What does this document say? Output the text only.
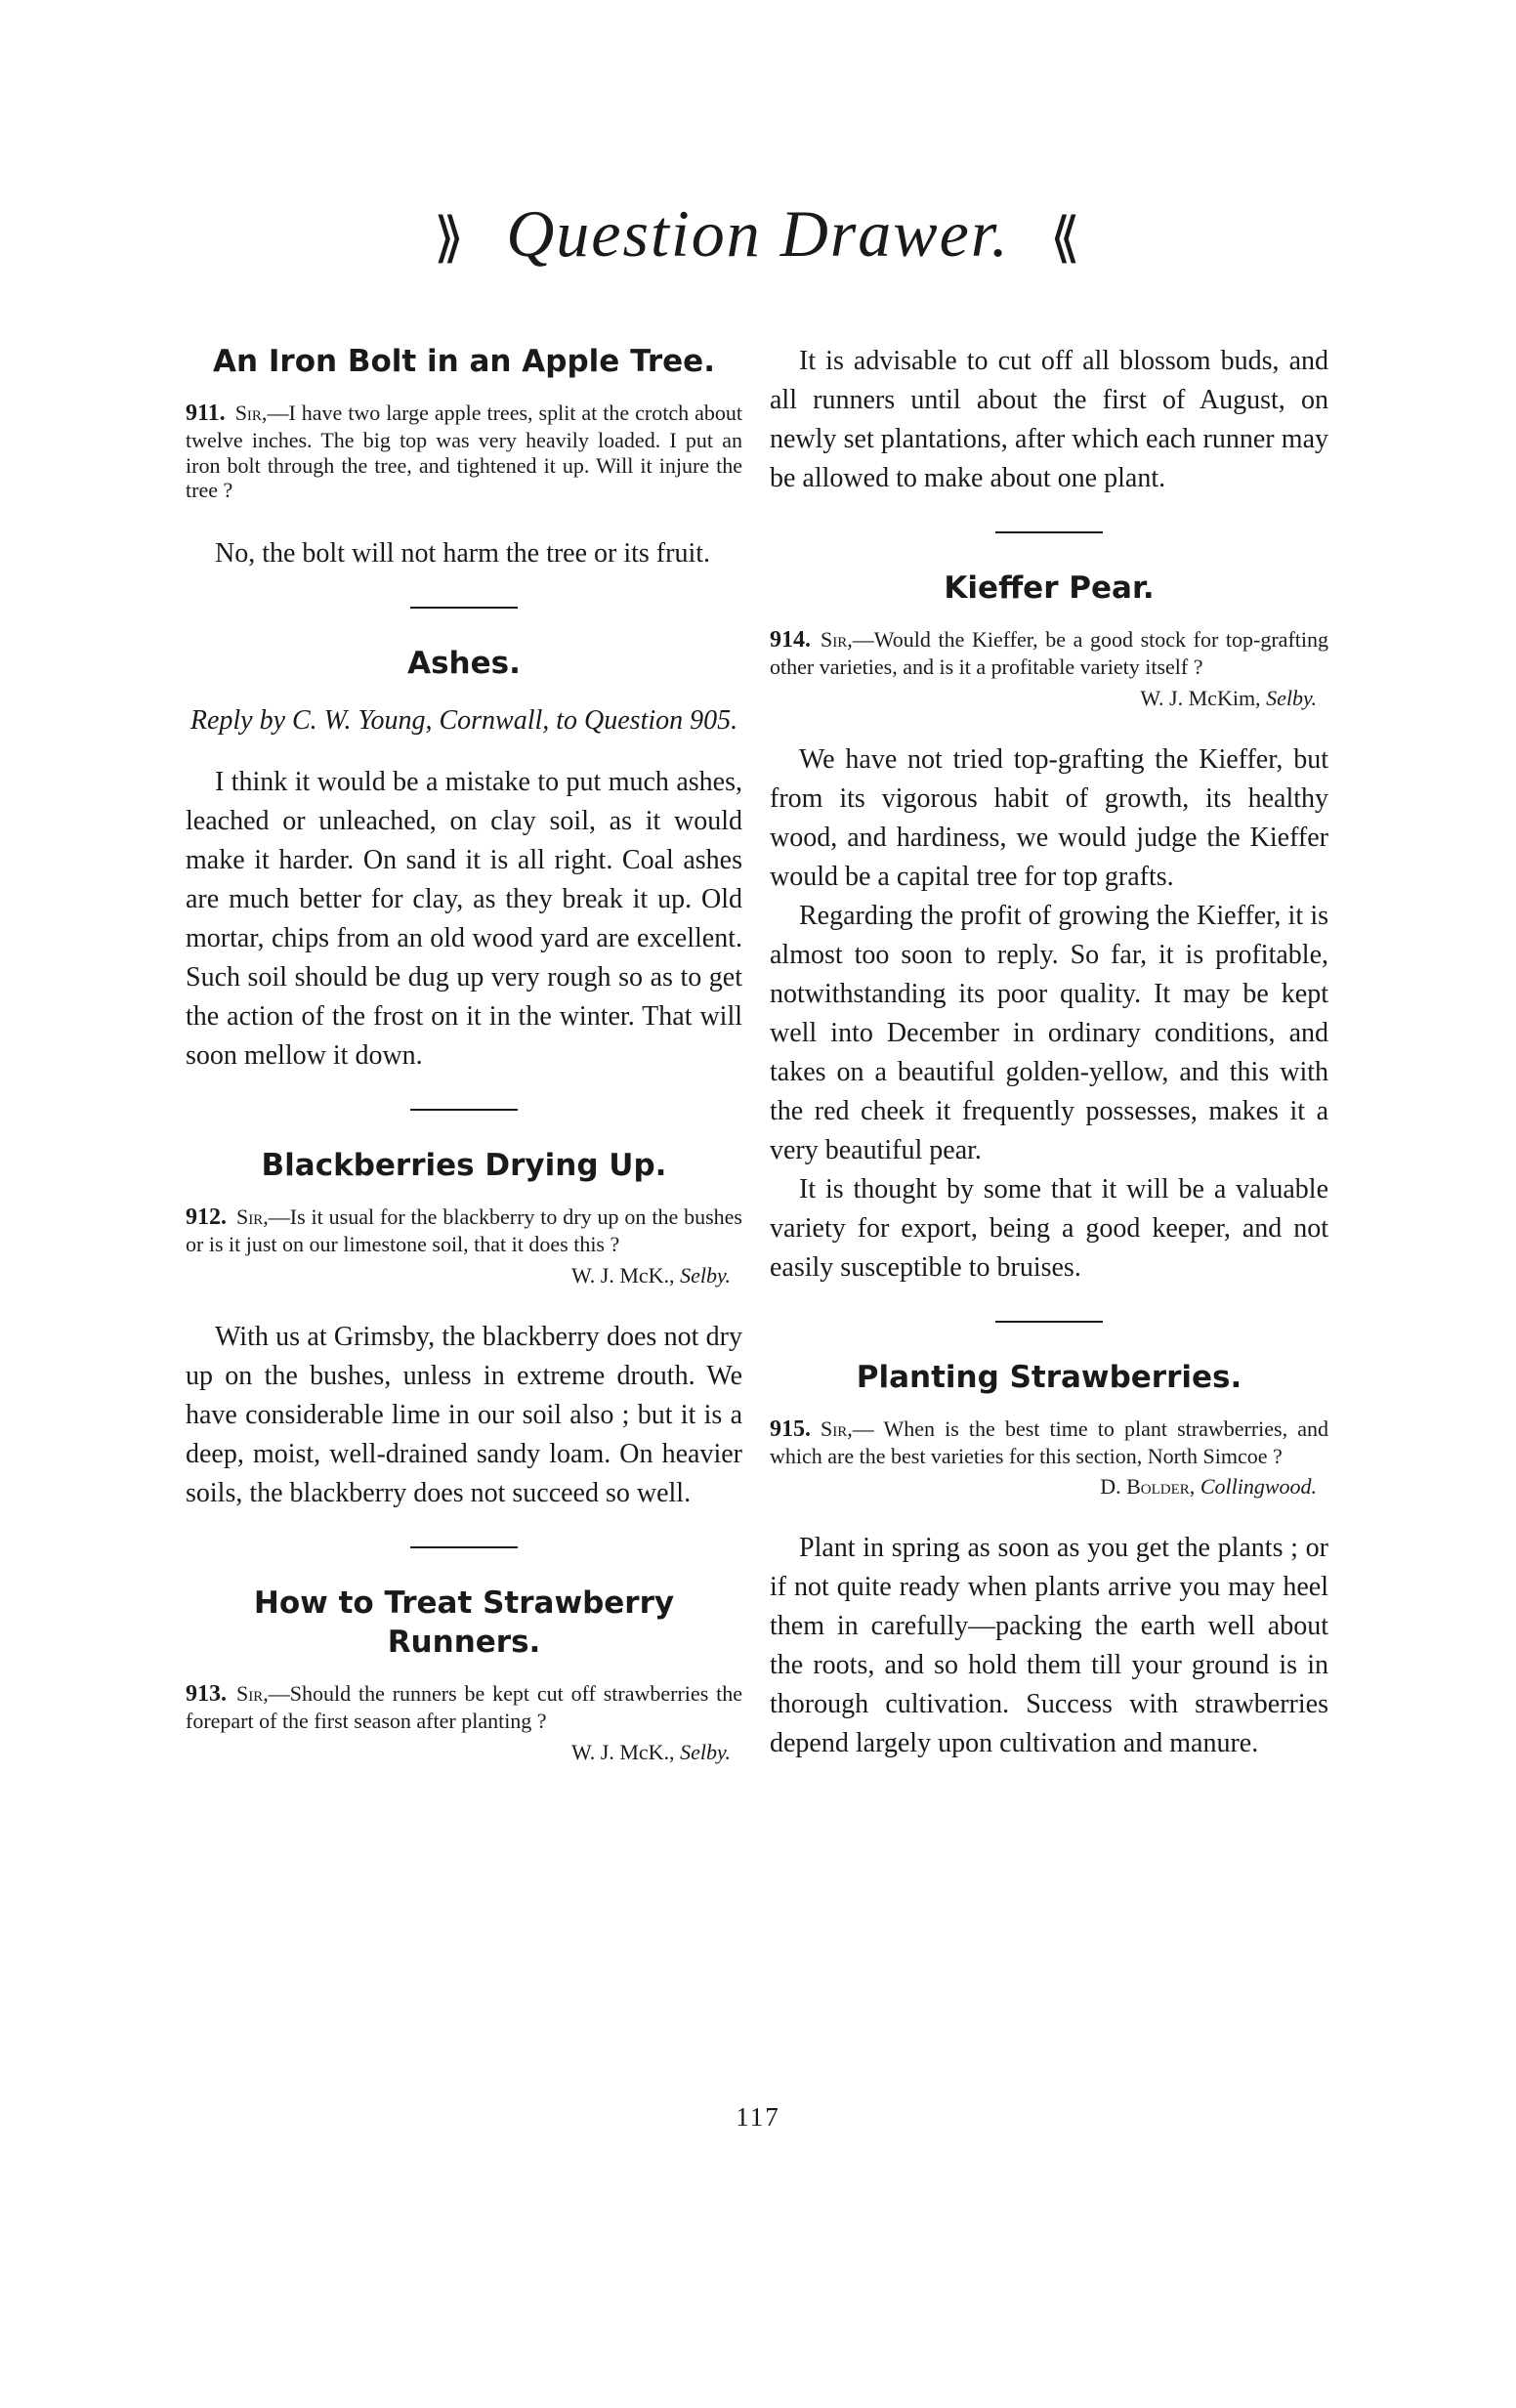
⟫ Question Drawer. ⟪
An Iron Bolt in an Apple Tree.

911. Sir,—I have two large apple trees, split at the crotch about twelve inches. The big top was very heavily loaded. I put an iron bolt through the tree, and tightened it up. Will it injure the tree ?

No, the bolt will not harm the tree or its fruit.

Ashes.

Reply by C. W. Young, Cornwall, to Question 905.

I think it would be a mistake to put much ashes, leached or unleached, on clay soil, as it would make it harder. On sand it is all right. Coal ashes are much better for clay, as they break it up. Old mortar, chips from an old wood yard are excellent. Such soil should be dug up very rough so as to get the action of the frost on it in the winter. That will soon mellow it down.

Blackberries Drying Up.

912. Sir,—Is it usual for the blackberry to dry up on the bushes or is it just on our limestone soil, that it does this ?

W. J. McK., Selby.

With us at Grimsby, the blackberry does not dry up on the bushes, unless in extreme drouth. We have considerable lime in our soil also ; but it is a deep, moist, well-drained sandy loam. On heavier soils, the blackberry does not succeed so well.

How to Treat Strawberry Runners.

913. Sir,—Should the runners be kept cut off strawberries the forepart of the first season after planting ?

W. J. McK., Selby.

It is advisable to cut off all blossom buds, and all runners until about the first of August, on newly set plantations, after which each runner may be allowed to make about one plant.

Kieffer Pear.

914. Sir,—Would the Kieffer, be a good stock for top-grafting other varieties, and is it a profitable variety itself ?

W. J. McKim, Selby.

We have not tried top-grafting the Kieffer, but from its vigorous habit of growth, its healthy wood, and hardiness, we would judge the Kieffer would be a capital tree for top grafts.

Regarding the profit of growing the Kieffer, it is almost too soon to reply. So far, it is profitable, notwithstanding its poor quality. It may be kept well into December in ordinary conditions, and takes on a beautiful golden-yellow, and this with the red cheek it frequently possesses, makes it a very beautiful pear.

It is thought by some that it will be a valuable variety for export, being a good keeper, and not easily susceptible to bruises.

Planting Strawberries.

915. Sir,— When is the best time to plant strawberries, and which are the best varieties for this section, North Simcoe ?

D. Bolder, Collingwood.

Plant in spring as soon as you get the plants ; or if not quite ready when plants arrive you may heel them in carefully—packing the earth well about the roots, and so hold them till your ground is in thorough cultivation. Success with strawberries depend largely upon cultivation and manure.

117
